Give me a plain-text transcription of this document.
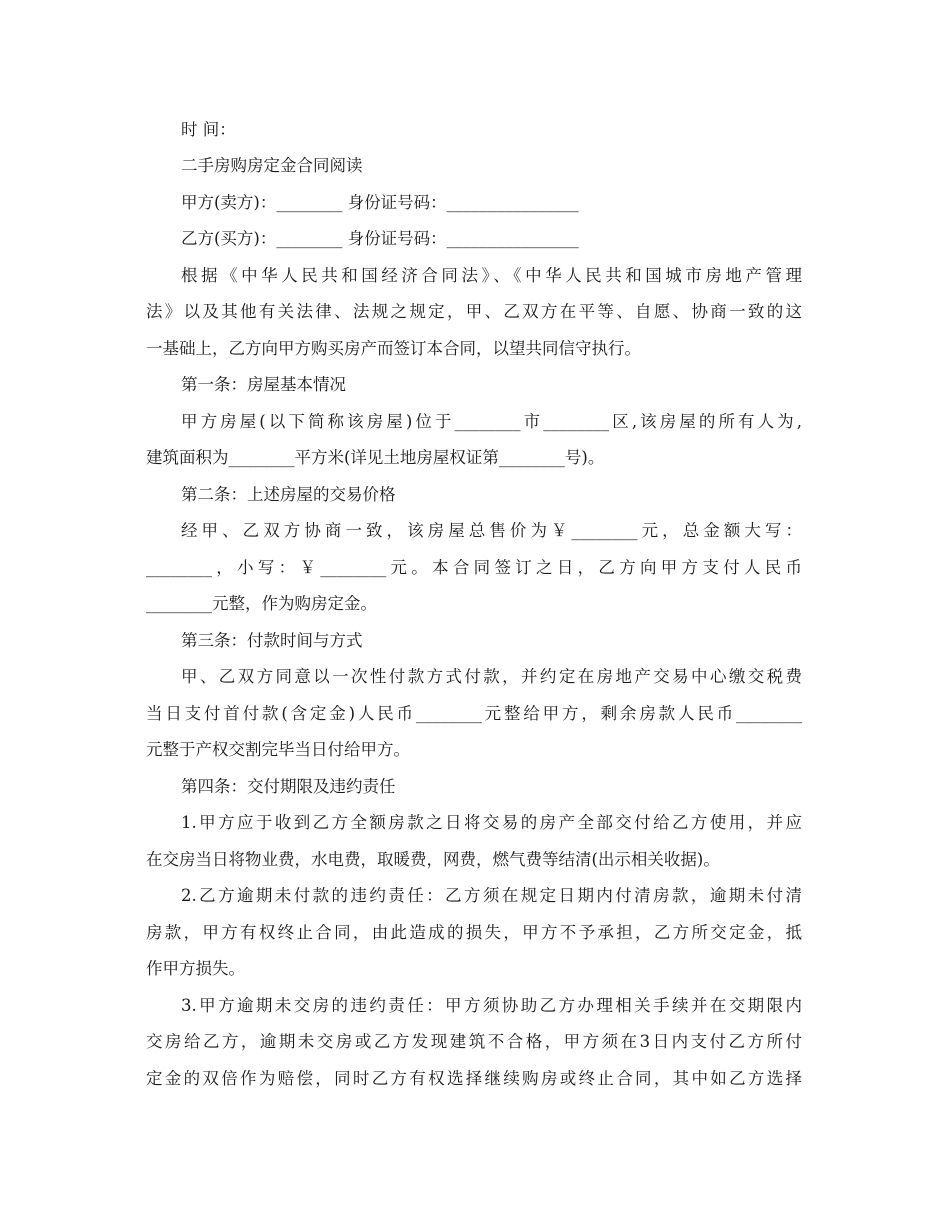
时 间：
二手房购房定金合同阅读
甲方(卖方)：________ 身份证号码：________________
乙方(买方)：________ 身份证号码：________________
根据《中华人民共和国经济合同法》、《中华人民共和国城市房地产管理
法》以及其他有关法律、法规之规定，甲、乙双方在平等、自愿、协商一致的这
一基础上，乙方向甲方购买房产而签订本合同，以望共同信守执行。
第一条：房屋基本情况
甲方房屋(以下简称该房屋)位于________市________区,该房屋的所有人为,
建筑面积为________平方米(详见土地房屋权证第________号)。
第二条：上述房屋的交易价格
经甲、乙双方协商一致，该房屋总售价为￥________元，总金额大写：
________，小写：￥________元。本合同签订之日，乙方向甲方支付人民币
________元整，作为购房定金。
第三条：付款时间与方式
甲、乙双方同意以一次性付款方式付款，并约定在房地产交易中心缴交税费
当日支付首付款(含定金)人民币________元整给甲方，剩余房款人民币________
元整于产权交割完毕当日付给甲方。
第四条：交付期限及违约责任
1.甲方应于收到乙方全额房款之日将交易的房产全部交付给乙方使用，并应
在交房当日将物业费，水电费，取暖费，网费，燃气费等结清(出示相关收据)。
2.乙方逾期未付款的违约责任：乙方须在规定日期内付清房款，逾期未付清
房款，甲方有权终止合同，由此造成的损失，甲方不予承担，乙方所交定金，抵
作甲方损失。
3.甲方逾期未交房的违约责任：甲方须协助乙方办理相关手续并在交期限内
交房给乙方，逾期未交房或乙方发现建筑不合格，甲方须在3日内支付乙方所付
定金的双倍作为赔偿，同时乙方有权选择继续购房或终止合同，其中如乙方选择
